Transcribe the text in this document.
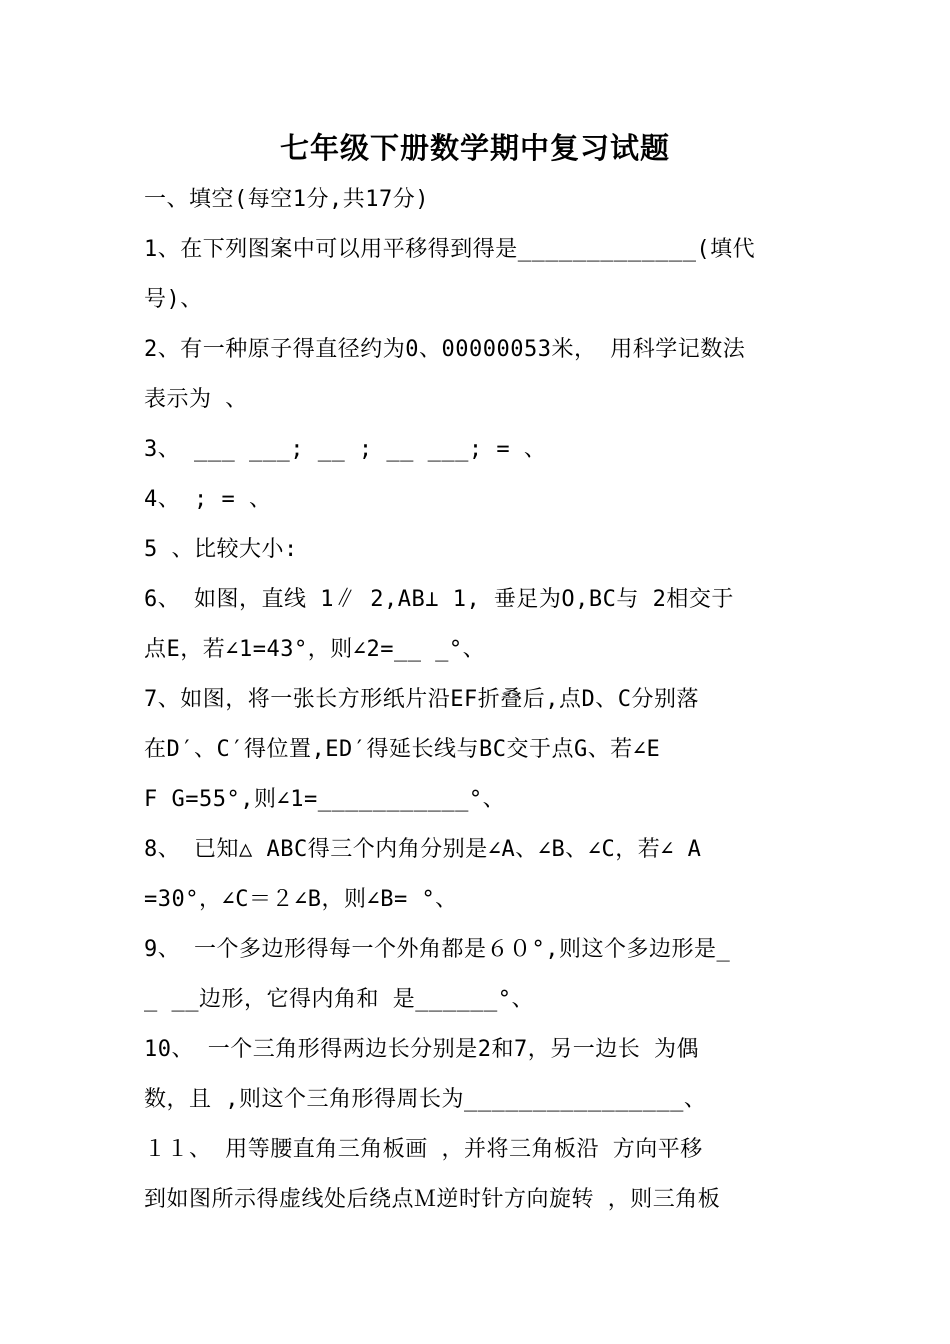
七年级下册数学期中复习试题
一、填空(每空1分,共17分)
1、在下列图案中可以用平移得到得是_____________(填代
号)、
2、有一种原子得直径约为0、00000053米， 用科学记数法
表示为 、
3、 ___ ___; __ ; __ ___; = 、
4、 ; = 、
5 、比较大小:
6、 如图，直线 1∥ 2,AB⊥ 1, 垂足为O,BC与 2相交于
点E，若∠1=43°，则∠2=__ _°、
7、如图，将一张长方形纸片沿EF折叠后,点D、C分别落
在D′、C′得位置,ED′得延长线与BC交于点G、若∠E
F G=55°,则∠1=___________°、
8、 已知△ ABC得三个内角分别是∠A、∠B、∠C，若∠ A
=30°，∠C＝２∠B，则∠B= °、
9、 一个多边形得每一个外角都是６０°,则这个多边形是_
_ __边形，它得内角和 是______°、
10、 一个三角形得两边长分别是2和7，另一边长 为偶
数，且 ,则这个三角形得周长为________________、
１１、 用等腰直角三角板画 ，并将三角板沿 方向平移
到如图所示得虚线处后绕点Ｍ逆时针方向旋转 ，则三角板
